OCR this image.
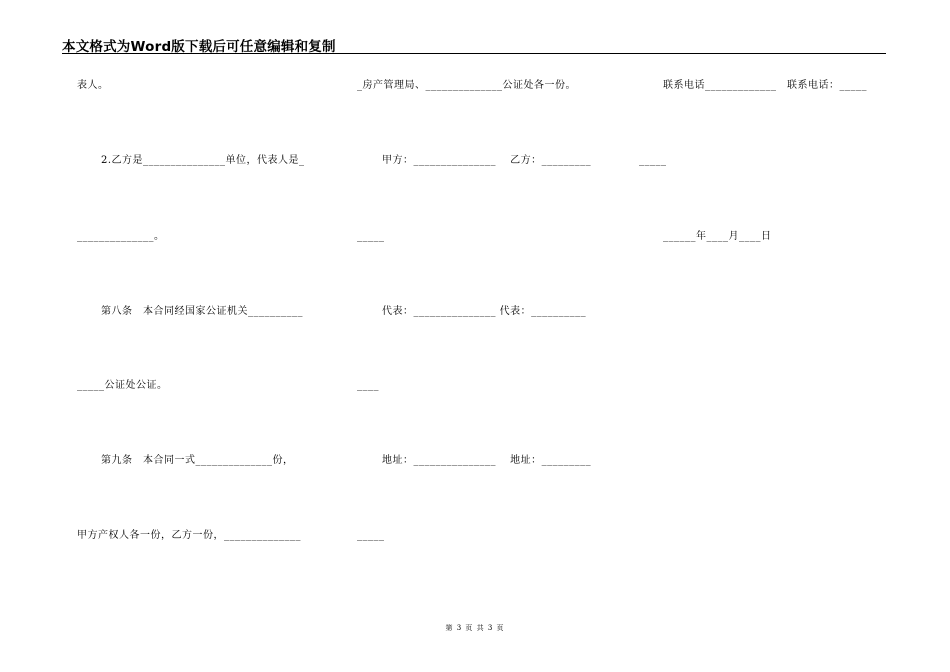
本文格式为Word版下载后可任意编辑和复制
表人。
2.乙方是_______________单位，代表人是_
______________。
第八条　本合同经国家公证机关__________
_____公证处公证。
第九条　本合同一式______________份，
甲方产权人各一份，乙方一份，______________
_房产管理局、______________公证处各一份。
甲方：_______________　 乙方：_________
_____
代表：_______________ 代表：__________
____
地址：_______________　 地址：_________
_____
联系电话_____________　联系电话：_____
_____
______年____月____日
第 3 页 共 3 页
